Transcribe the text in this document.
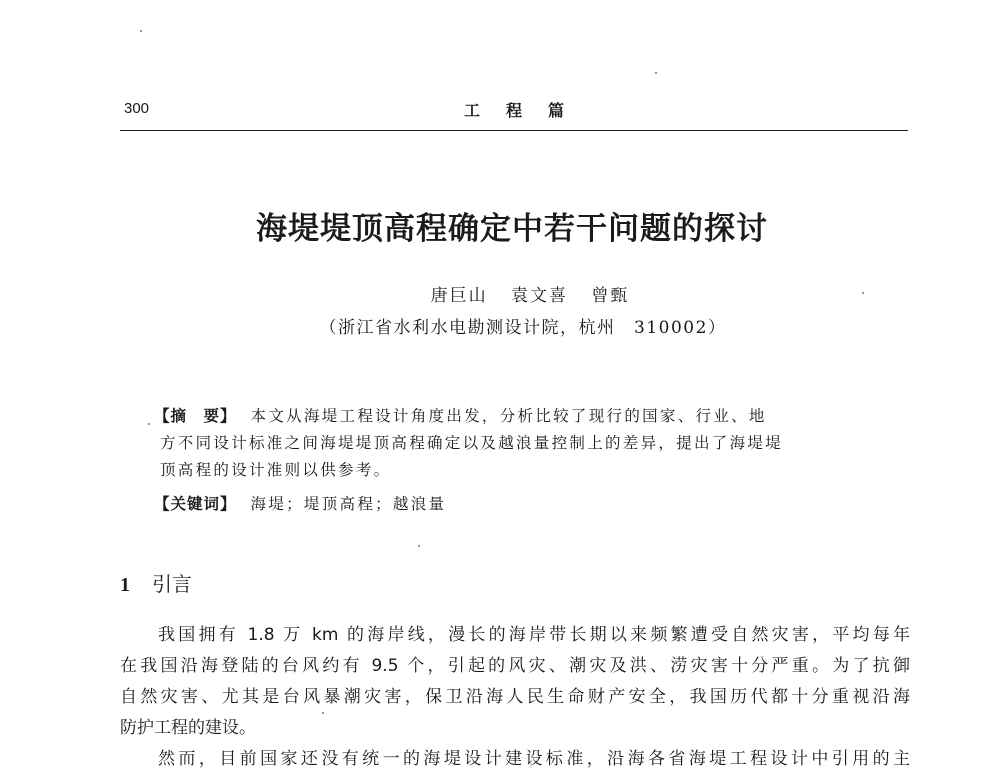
300	工程篇
海堤堤顶高程确定中若干问题的探讨
唐巨山 袁文喜 曾甄
（浙江省水利水电勘测设计院，杭州　310002）
【摘　要】 本文从海堤工程设计角度出发，分析比较了现行的国家、行业、地
方不同设计标准之间海堤堤顶高程确定以及越浪量控制上的差异，提出了海堤堤
顶高程的设计准则以供参考。
【关键词】 海堤；堤顶高程；越浪量
1 引言
我国拥有 1.8 万 km 的海岸线，漫长的海岸带长期以来频繁遭受自然灾害，平均每年
在我国沿海登陆的台风约有 9.5 个，引起的风灾、潮灾及洪、涝灾害十分严重。为了抗御
自然灾害、尤其是台风暴潮灾害，保卫沿海人民生命财产安全，我国历代都十分重视沿海
防护工程的建设。
然而，目前国家还没有统一的海堤设计建设标准，沿海各省海堤工程设计中引用的主
